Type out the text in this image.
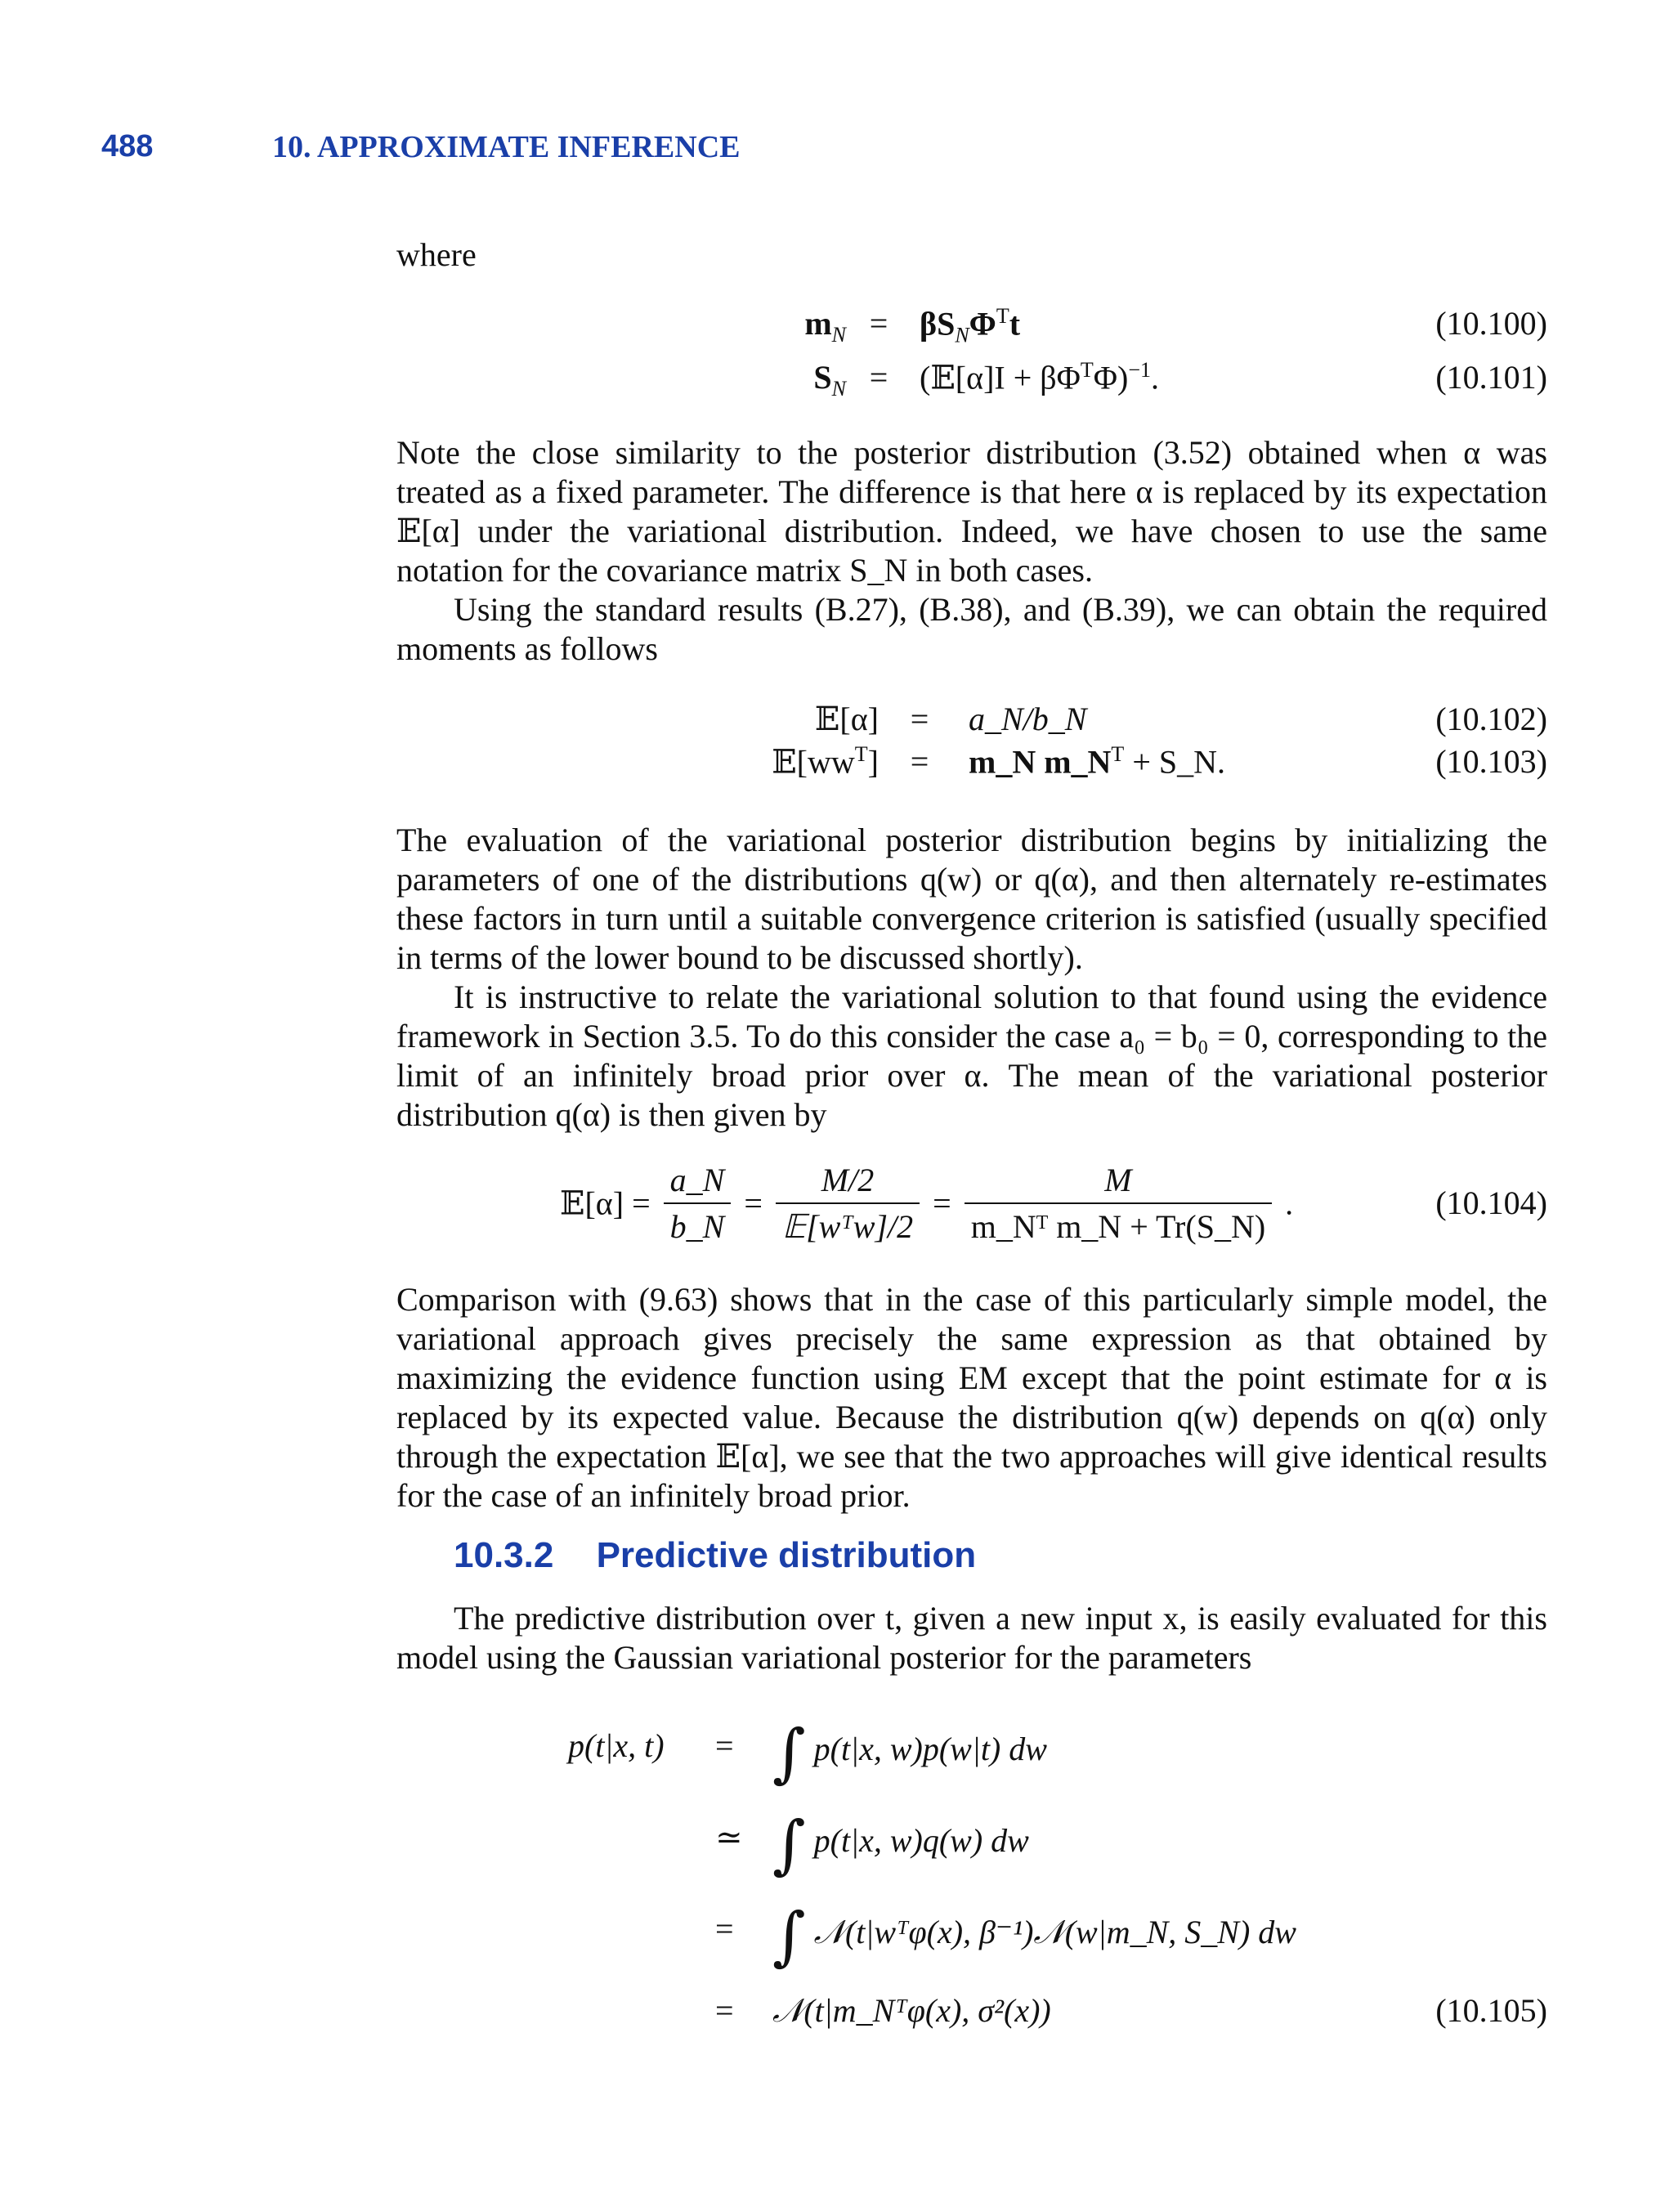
488	10. APPROXIMATE INFERENCE
where
$m_N = \beta S_N\Phi^Tt$	(10.100)
$S_N$ = (𝔼[α]I + $\beta\Phi^T\Phi)^{-1}$.	(10.101)
Note the close similarity to the posterior distribution (3.52) obtained when α was treated as a fixed parameter. The difference is that here α is replaced by its expectation 𝔼[α] under the variational distribution. Indeed, we have chosen to use the same notation for the covariance matrix S_N in both cases.
Using the standard results (B.27), (B.38), and (B.39), we can obtain the required moments as follows
𝔼[α] =	a_N/b_N	(10.102)
$𝔼[ww^T]$ =	m_N $m\_N^T$ + S_N.	(10.103)
The evaluation of the variational posterior distribution begins by initializing the parameters of one of the distributions q(w) or q(α), and then alternately re-estimates these factors in turn until a suitable convergence criterion is satisfied (usually specified in terms of the lower bound to be discussed shortly).
It is instructive to relate the variational solution to that found using the evidence framework in Section 3.5. To do this consider the case a₀ = b₀ = 0, corresponding to the limit of an infinitely broad prior over α. The mean of the variational posterior distribution q(α) is then given by
𝔼[α] = $\frac{a\_N}{b\_N} = \frac{M/2}{\text{𝔼[wᵀw]/2}} = \frac{M}{\text{m\_Nᵀ m\_N + Tr(S\_N)}}$ .	(10.104)
Comparison with (9.63) shows that in the case of this particularly simple model, the variational approach gives precisely the same expression as that obtained by maximizing the evidence function using EM except that the point estimate for α is replaced by its expected value. Because the distribution q(w) depends on q(α) only through the expectation 𝔼[α], we see that the two approaches will give identical results for the case of an infinitely broad prior.
10.3.2 Predictive distribution
The predictive distribution over t, given a new input x, is easily evaluated for this model using the Gaussian variational posterior for the parameters
p(t|x, t) = ∫ p(t|x, w)p(w|t) dw
≃ ∫ p(t|x, w)q(w) dw
= ∫ 𝒩(t|wᵀφ(x), β⁻¹)𝒩(w|m_N, S_N) dw
= 𝒩(t|m_Nᵀφ(x), σ²(x))	(10.105)
